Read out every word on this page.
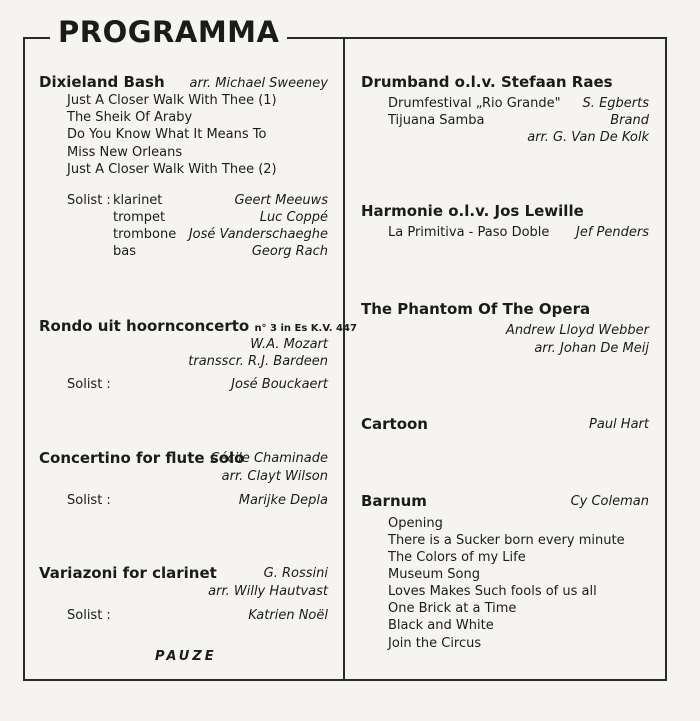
PROGRAMMA
Dixieland Bash arr. Michael Sweeney
Just A Closer Walk With Thee (1)
The Sheik Of Araby
Do You Know What It Means To
Miss New Orleans
Just A Closer Walk With Thee (2)
Solist : klarinet	Geert Meeuws
trompet	Luc Coppé
trombone José Vanderschaeghe
bas	Georg Rach
Rondo uit hoornconcerto n° 3 in Es K.V. 447
W.A. Mozart
transscr. R.J. Bardeen
Solist :	José Bouckaert
Concertino for flute solo
Cécile Chaminade
arr. Clayt Wilson
Solist :	Marijke Depla
Variazoni for clarinet	G. Rossini
arr. Willy Hautvast
Solist :	Katrien Noël
PAUZE
Drumband o.l.v. Stefaan Raes
Drumfestival „Rio Grande" S. Egberts
Tijuana Samba	Brand
arr. G. Van De Kolk
Harmonie o.l.v. Jos Lewille
La Primitiva - Paso Doble Jef Penders
The Phantom Of The Opera
Andrew Lloyd Webber
arr. Johan De Meij
Cartoon	Paul Hart
Barnum	Cy Coleman
Opening
There is a Sucker born every minute
The Colors of my Life
Museum Song
Loves Makes Such fools of us all
One Brick at a Time
Black and White
Join the Circus
